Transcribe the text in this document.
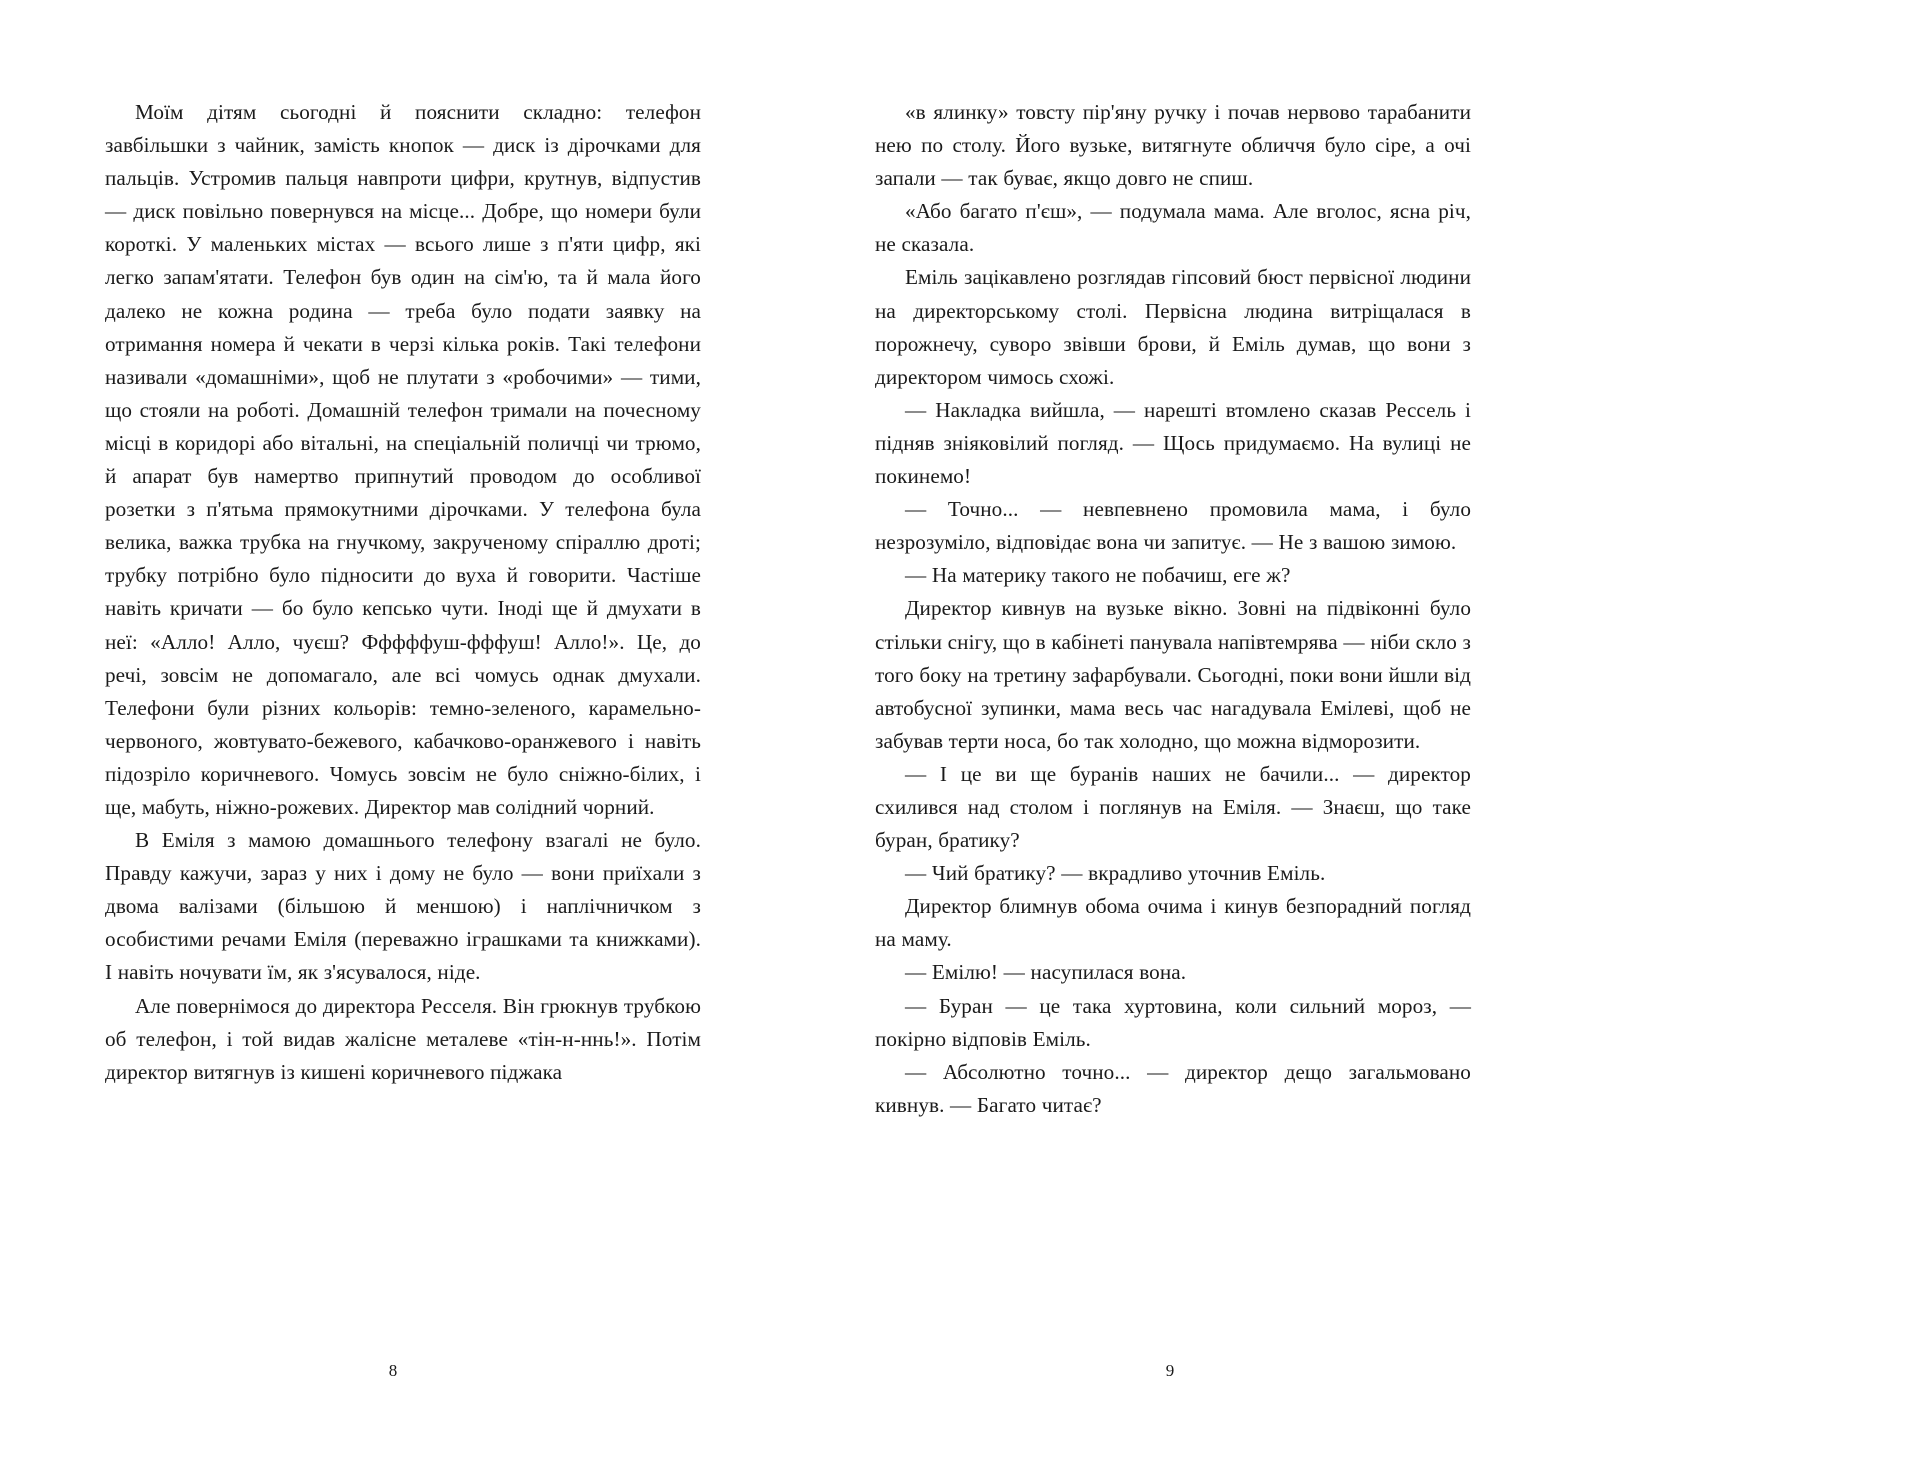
Моїм дітям сьогодні й пояснити складно: телефон завбільшки з чайник, замість кнопок — диск із дірочками для пальців. Устромив пальця навпроти цифри, крутнув, відпустив — диск повільно повернувся на місце... Добре, що номери були короткі. У маленьких містах — всього лише з п'яти цифр, які легко запам'ятати. Телефон був один на сім'ю, та й мала його далеко не кожна родина — треба було подати заявку на отримання номера й чекати в черзі кілька років. Такі телефони називали «домашніми», щоб не плутати з «робочими» — тими, що стояли на роботі. Домашній телефон тримали на почесному місці в коридорі або вітальні, на спеціальній поличці чи трюмо, й апарат був намертво припнутий проводом до особливої розетки з п'ятьма прямокутними дірочками. У телефона була велика, важка трубка на гнучкому, закрученому спіраллю дроті; трубку потрібно було підносити до вуха й говорити. Частіше навіть кричати — бо було кепсько чути. Іноді ще й дмухати в неї: «Алло! Алло, чуєш? Фффффуш-фффуш! Алло!». Це, до речі, зовсім не допомагало, але всі чомусь однак дмухали. Телефони були різних кольорів: темно-зеленого, карамельно-червоного, жовтувато-бежевого, кабачково-оранжевого і навіть підозріло коричневого. Чомусь зовсім не було сніжно-білих, і ще, мабуть, ніжно-рожевих. Директор мав солідний чорний.

В Еміля з мамою домашнього телефону взагалі не було. Правду кажучи, зараз у них і дому не було — вони приїхали з двома валізами (більшою й меншою) і наплічничком з особистими речами Еміля (переважно іграшками та книжками). І навіть ночувати їм, як з'ясувалося, ніде.

Але повернімося до директора Ресселя. Він грюкнув трубкою об телефон, і той видав жалісне металеве «тін-н-ннь!». Потім директор витягнув із кишені коричневого піджака

8

«в ялинку» товсту пір'яну ручку і почав нервово тарабанити нею по столу. Його вузьке, витягнуте обличчя було сіре, а очі запали — так буває, якщо довго не спиш.

«Або багато п'єш», — подумала мама. Але вголос, ясна річ, не сказала.

Еміль зацікавлено розглядав гіпсовий бюст первісної людини на директорському столі. Первісна людина витріщалася в порожнечу, суворо звівши брови, й Еміль думав, що вони з директором чимось схожі.

— Накладка вийшла, — нарешті втомлено сказав Рессель і підняв зніяковілий погляд. — Щось придумаємо. На вулиці не покинемо!

— Точно... — невпевнено промовила мама, і було незрозуміло, відповідає вона чи запитує. — Не з вашою зимою.

— На материку такого не побачиш, еге ж?

Директор кивнув на вузьке вікно. Зовні на підвіконні було стільки снігу, що в кабінеті панувала напівтемрява — ніби скло з того боку на третину зафарбували. Сьогодні, поки вони йшли від автобусної зупинки, мама весь час нагадувала Емілеві, щоб не забував терти носа, бо так холодно, що можна відморозити.

— І це ви ще буранів наших не бачили... — директор схилився над столом і поглянув на Еміля. — Знаєш, що таке буран, братику?

— Чий братику? — вкрадливо уточнив Еміль.

Директор блимнув обома очима і кинув безпорадний погляд на маму.

— Емілю! — насупилася вона.

— Буран — це така хуртовина, коли сильний мороз, — покірно відповів Еміль.

— Абсолютно точно... — директор дещо загальмовано кивнув. — Багато читає?

9
